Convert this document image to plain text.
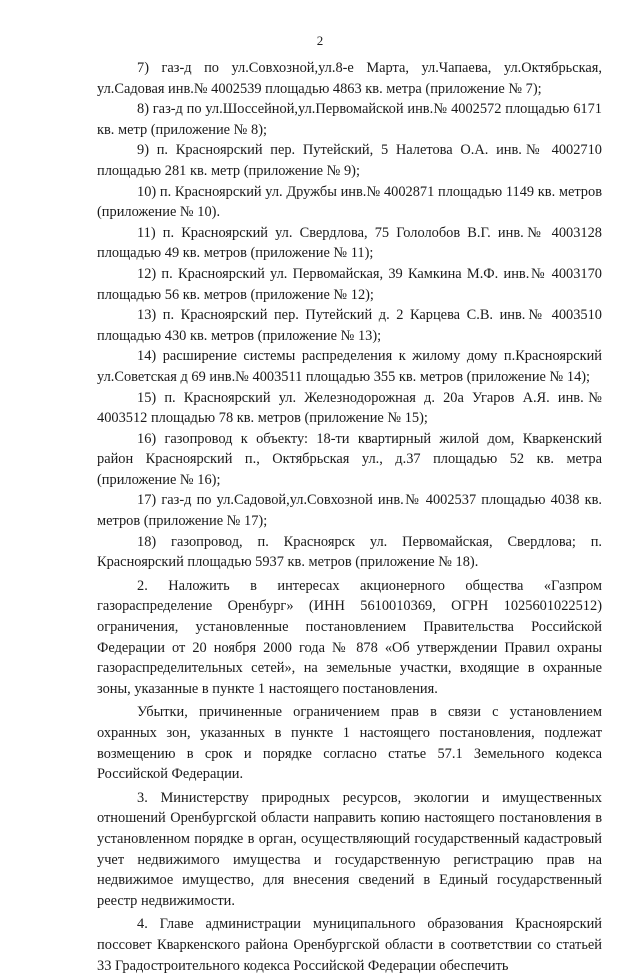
2

7) газ-д по ул.Совхозной,ул.8-е Марта, ул.Чапаева, ул.Октябрьская, ул.Садовая инв.№ 4002539 площадью 4863 кв. метра (приложение № 7);

8) газ-д по ул.Шоссейной,ул.Первомайской инв.№ 4002572 площадью 6171 кв. метр (приложение № 8);

9) п. Красноярский пер. Путейский, 5 Налетова О.А. инв.№ 4002710 площадью 281 кв. метр (приложение № 9);

10) п. Красноярский ул. Дружбы инв.№ 4002871 площадью 1149 кв. метров (приложение № 10).

11) п. Красноярский ул. Свердлова, 75 Гололобов В.Г. инв.№ 4003128 площадью 49 кв. метров (приложение № 11);

12) п. Красноярский ул. Первомайская, 39 Камкина М.Ф. инв.№ 4003170 площадью 56 кв. метров (приложение № 12);

13) п. Красноярский пер. Путейский д. 2 Карцева С.В. инв.№ 4003510 площадью 430 кв. метров (приложение № 13);

14) расширение системы распределения к жилому дому п.Красноярский ул.Советская д 69 инв.№ 4003511 площадью 355 кв. метров (приложение № 14);

15) п. Красноярский ул. Железнодорожная д. 20а Угаров А.Я. инв.№ 4003512 площадью 78 кв. метров (приложение № 15);

16) газопровод к объекту: 18-ти квартирный жилой дом, Кваркенский район Красноярский п., Октябрьская ул., д.37 площадью 52 кв. метра (приложение № 16);

17) газ-д по ул.Садовой,ул.Совхозной инв.№ 4002537 площадью 4038 кв. метров (приложение № 17);

18) газопровод, п. Красноярск ул. Первомайская, Свердлова; п. Красноярский площадью 5937 кв. метров (приложение № 18).

2. Наложить в интересах акционерного общества «Газпром газораспределение Оренбург» (ИНН 5610010369, ОГРН 1025601022512) ограничения, установленные постановлением Правительства Российской Федерации от 20 ноября 2000 года № 878 «Об утверждении Правил охраны газораспределительных сетей», на земельные участки, входящие в охранные зоны, указанные в пункте 1 настоящего постановления.

Убытки, причиненные ограничением прав в связи с установлением охранных зон, указанных в пункте 1 настоящего постановления, подлежат возмещению в срок и порядке согласно статье 57.1 Земельного кодекса Российской Федерации.

3. Министерству природных ресурсов, экологии и имущественных отношений Оренбургской области направить копию настоящего постановления в установленном порядке в орган, осуществляющий государственный кадастровый учет недвижимого имущества и государственную регистрацию прав на недвижимое имущество, для внесения сведений в Единый государственный реестр недвижимости.

4. Главе администрации муниципального образования Красноярский поссовет Кваркенского района Оренбургской области в соответствии со статьей 33 Градостроительного кодекса Российской Федерации обеспечить
